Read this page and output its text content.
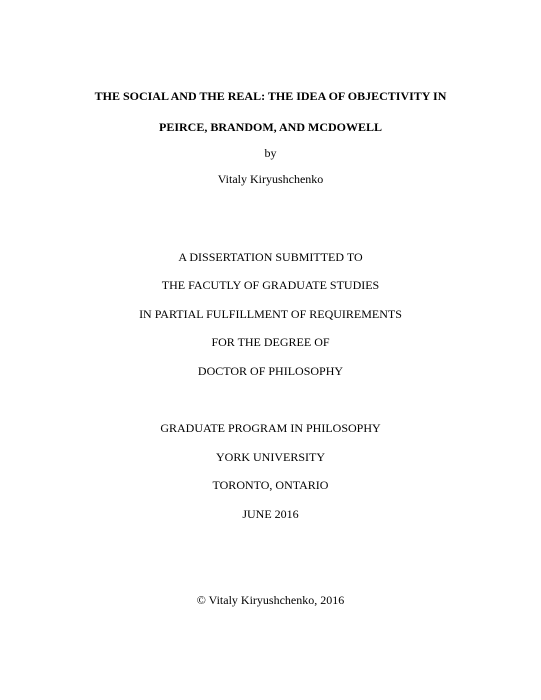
THE SOCIAL AND THE REAL: THE IDEA OF OBJECTIVITY IN
PEIRCE, BRANDOM, AND MCDOWELL
by
Vitaly Kiryushchenko
A DISSERTATION SUBMITTED TO
THE FACUTLY OF GRADUATE STUDIES
IN PARTIAL FULFILLMENT OF REQUIREMENTS
FOR THE DEGREE OF
DOCTOR OF PHILOSOPHY
GRADUATE PROGRAM IN PHILOSOPHY
YORK UNIVERSITY
TORONTO, ONTARIO
JUNE 2016
© Vitaly Kiryushchenko, 2016
